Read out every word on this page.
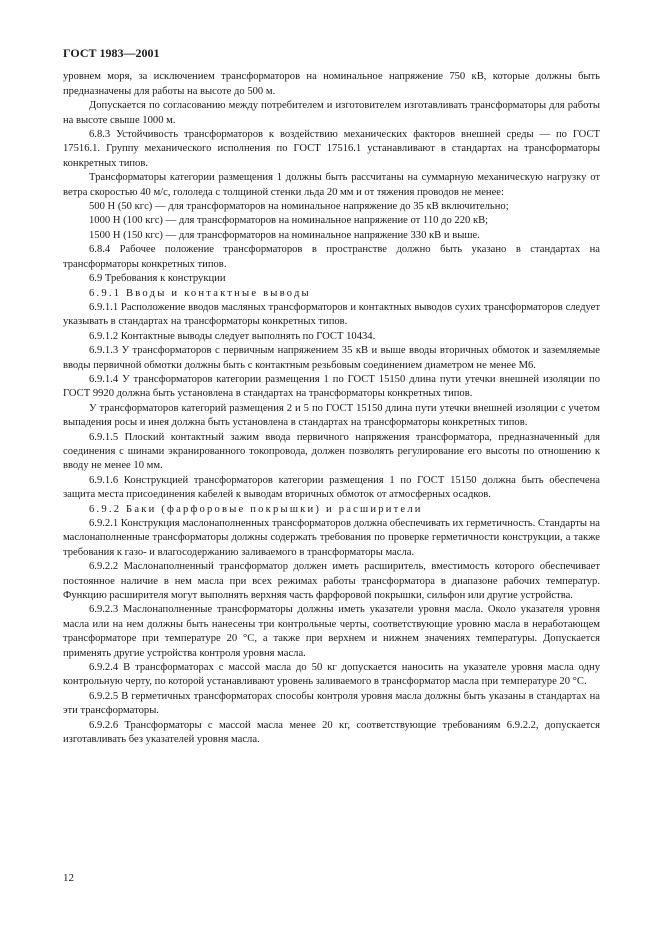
ГОСТ 1983—2001

уровнем моря, за исключением трансформаторов на номинальное напряжение 750 кВ, которые должны быть предназначены для работы на высоте до 500 м.

Допускается по согласованию между потребителем и изготовителем изготавливать трансформаторы для работы на высоте свыше 1000 м.

6.8.3 Устойчивость трансформаторов к воздействию механических факторов внешней среды — по ГОСТ 17516.1. Группу механического исполнения по ГОСТ 17516.1 устанавливают в стандартах на трансформаторы конкретных типов.

Трансформаторы категории размещения 1 должны быть рассчитаны на суммарную механическую нагрузку от ветра скоростью 40 м/с, гололеда с толщиной стенки льда 20 мм и от тяжения проводов не менее:

500 Н (50 кгс) — для трансформаторов на номинальное напряжение до 35 кВ включительно;

1000 Н (100 кгс) — для трансформаторов на номинальное напряжение от 110 до 220 кВ;

1500 Н (150 кгс) — для трансформаторов на номинальное напряжение 330 кВ и выше.

6.8.4 Рабочее положение трансформаторов в пространстве должно быть указано в стандартах на трансформаторы конкретных типов.

6.9 Требования к конструкции

6.9.1 Вводы и контактные выводы

6.9.1.1 Расположение вводов масляных трансформаторов и контактных выводов сухих трансформаторов следует указывать в стандартах на трансформаторы конкретных типов.

6.9.1.2 Контактные выводы следует выполнять по ГОСТ 10434.

6.9.1.3 У трансформаторов с первичным напряжением 35 кВ и выше вводы вторичных обмоток и заземляемые вводы первичной обмотки должны быть с контактным резьбовым соединением диаметром не менее М6.

6.9.1.4 У трансформаторов категории размещения 1 по ГОСТ 15150 длина пути утечки внешней изоляции по ГОСТ 9920 должна быть установлена в стандартах на трансформаторы конкретных типов.

У трансформаторов категорий размещения 2 и 5 по ГОСТ 15150 длина пути утечки внешней изоляции с учетом выпадения росы и инея должна быть установлена в стандартах на трансформаторы конкретных типов.

6.9.1.5 Плоский контактный зажим ввода первичного напряжения трансформатора, предназначенный для соединения с шинами экранированного токопровода, должен позволять регулирование его высоты по отношению к вводу не менее 10 мм.

6.9.1.6 Конструкцией трансформаторов категории размещения 1 по ГОСТ 15150 должна быть обеспечена защита места присоединения кабелей к выводам вторичных обмоток от атмосферных осадков.

6.9.2 Баки (фарфоровые покрышки) и расширители

6.9.2.1 Конструкция маслонаполненных трансформаторов должна обеспечивать их герметичность. Стандарты на маслонаполненные трансформаторы должны содержать требования по проверке герметичности конструкции, а также требования к газо- и влагосодержанию заливаемого в трансформаторы масла.

6.9.2.2 Маслонаполненный трансформатор должен иметь расширитель, вместимость которого обеспечивает постоянное наличие в нем масла при всех режимах работы трансформатора в диапазоне рабочих температур. Функцию расширителя могут выполнять верхняя часть фарфоровой покрышки, сильфон или другие устройства.

6.9.2.3 Маслонаполненные трансформаторы должны иметь указатели уровня масла. Около указателя уровня масла или на нем должны быть нанесены три контрольные черты, соответствующие уровню масла в неработающем трансформаторе при температуре 20 °С, а также при верхнем и нижнем значениях температуры. Допускается применять другие устройства контроля уровня масла.

6.9.2.4 В трансформаторах с массой масла до 50 кг допускается наносить на указателе уровня масла одну контрольную черту, по которой устанавливают уровень заливаемого в трансформатор масла при температуре 20 °С.

6.9.2.5 В герметичных трансформаторах способы контроля уровня масла должны быть указаны в стандартах на эти трансформаторы.

6.9.2.6 Трансформаторы с массой масла менее 20 кг, соответствующие требованиям 6.9.2.2, допускается изготавливать без указателей уровня масла.

12
